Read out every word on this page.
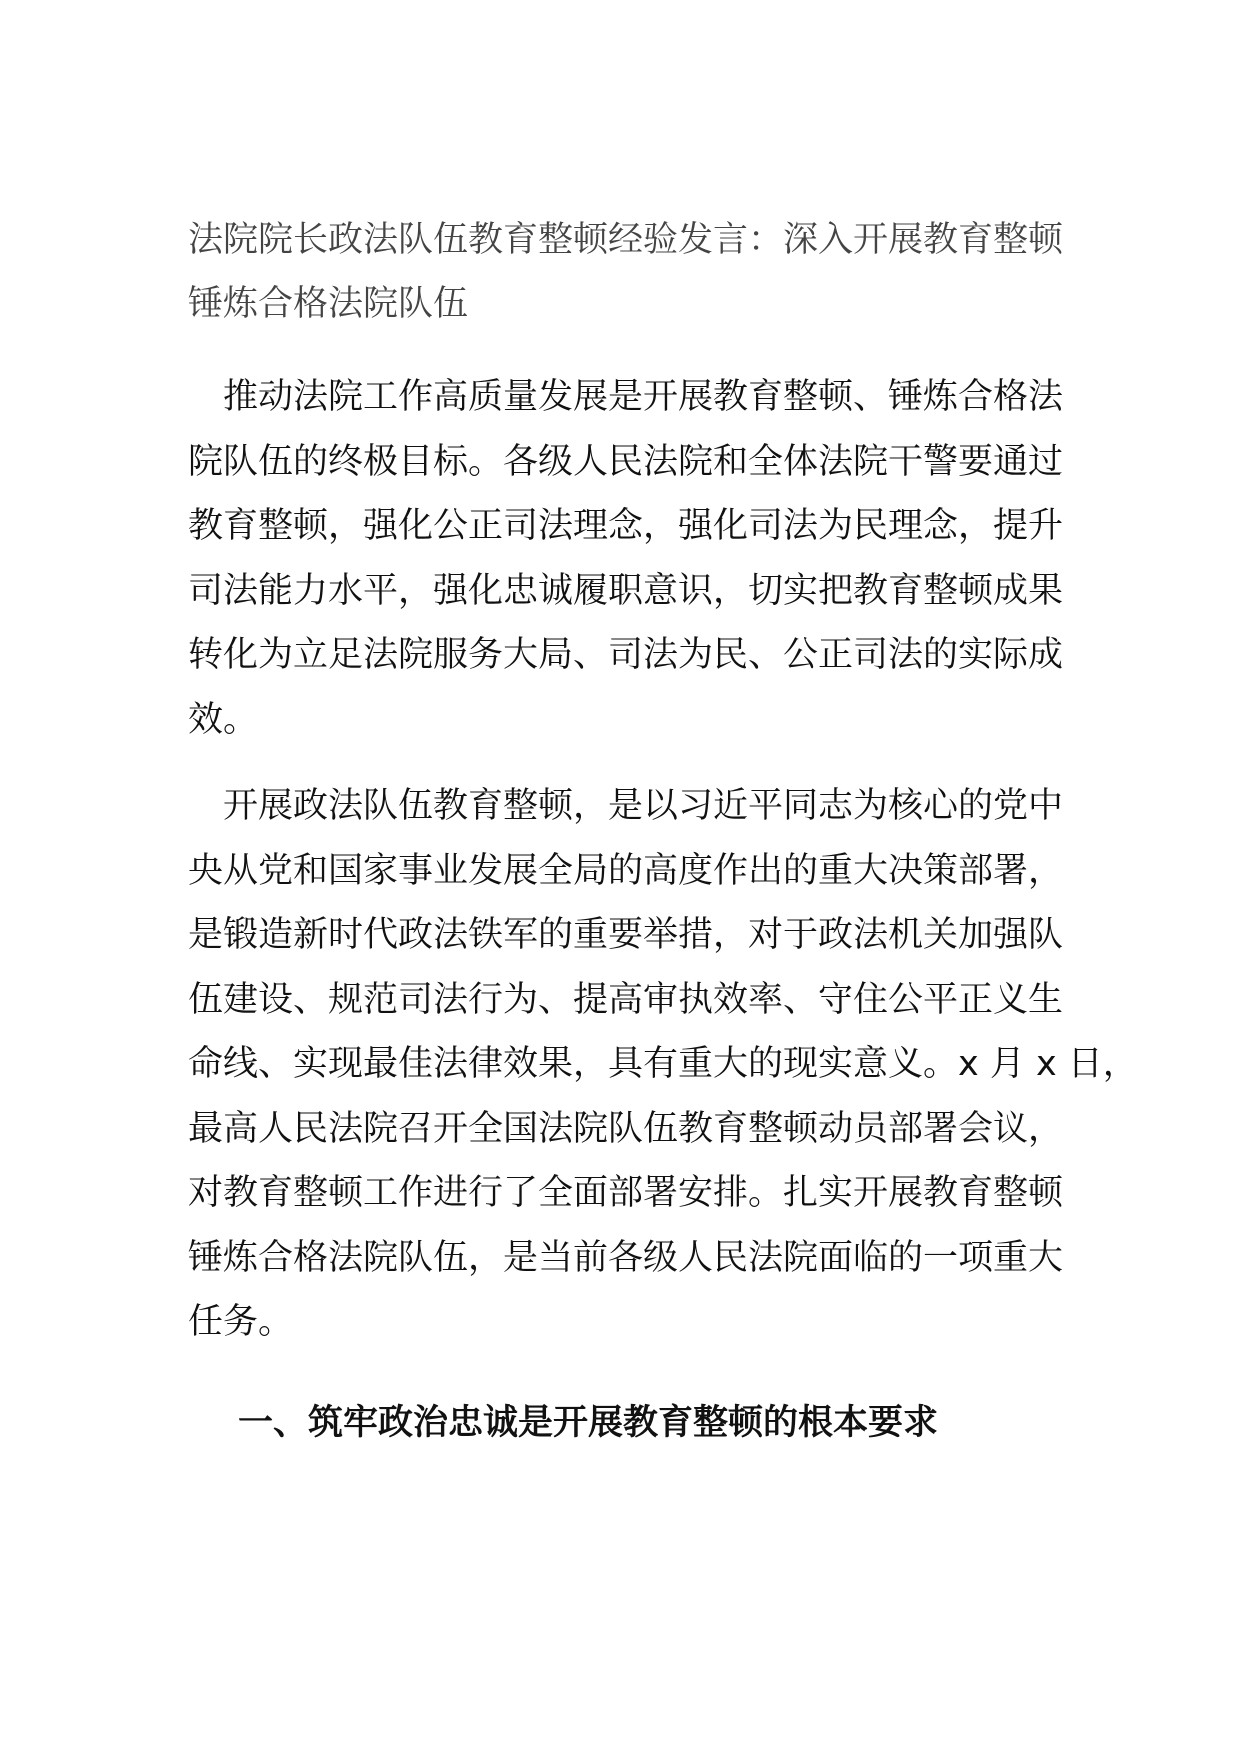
法院院长政法队伍教育整顿经验发言：深入开展教育整顿
锤炼合格法院队伍

　推动法院工作高质量发展是开展教育整顿、锤炼合格法
院队伍的终极目标。各级人民法院和全体法院干警要通过
教育整顿，强化公正司法理念，强化司法为民理念，提升
司法能力水平，强化忠诚履职意识，切实把教育整顿成果
转化为立足法院服务大局、司法为民、公正司法的实际成
效。

　开展政法队伍教育整顿，是以习近平同志为核心的党中
央从党和国家事业发展全局的高度作出的重大决策部署，
是锻造新时代政法铁军的重要举措，对于政法机关加强队
伍建设、规范司法行为、提高审执效率、守住公平正义生
命线、实现最佳法律效果，具有重大的现实意义。x 月 x 日，
最高人民法院召开全国法院队伍教育整顿动员部署会议，
对教育整顿工作进行了全面部署安排。扎实开展教育整顿
锤炼合格法院队伍，是当前各级人民法院面临的一项重大
任务。

一、筑牢政治忠诚是开展教育整顿的根本要求
